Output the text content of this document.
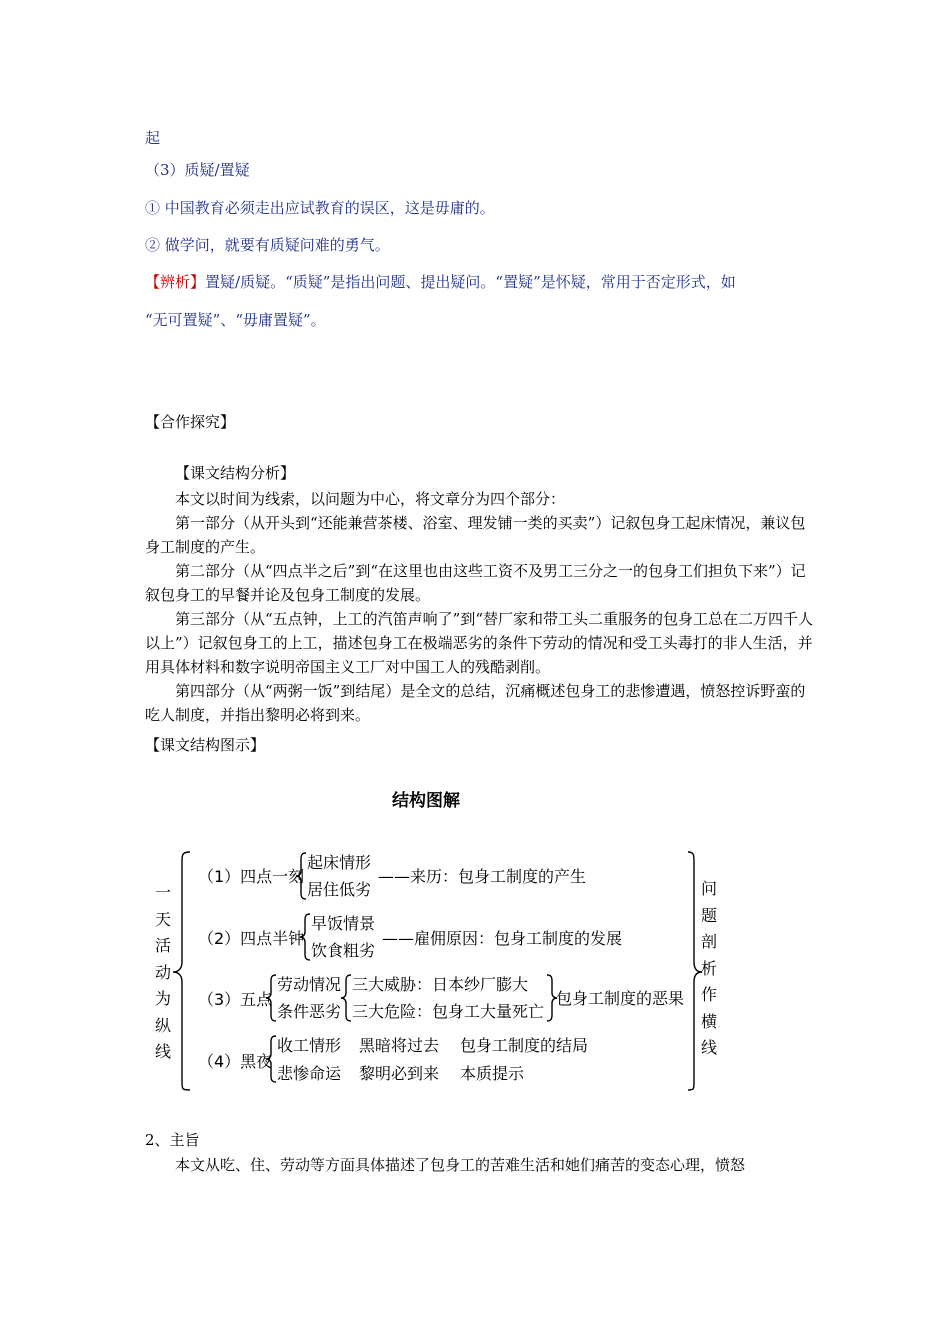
起
（3）质疑/置疑
① 中国教育必须走出应试教育的误区，这是毋庸的。
② 做学问，就要有质疑问难的勇气。
【辨析】置疑/质疑。“质疑”是指出问题、提出疑问。“置疑”是怀疑，常用于否定形式，如
“无可置疑”、“毋庸置疑”。
【合作探究】
【课文结构分析】
本文以时间为线索，以问题为中心，将文章分为四个部分：
第一部分（从开头到“还能兼营茶楼、浴室、理发铺一类的买卖”）记叙包身工起床情况，兼议包身工制度的产生。
第二部分（从“四点半之后”到“在这里也由这些工资不及男工三分之一的包身工们担负下来”）记叙包身工的早餐并论及包身工制度的发展。
第三部分（从“五点钟，上工的汽笛声响了”到“替厂家和带工头二重服务的包身工总在二万四千人以上”）记叙包身工的上工，描述包身工在极端恶劣的条件下劳动的情况和受工头毒打的非人生活，并用具体材料和数字说明帝国主义工厂对中国工人的残酷剥削。
第四部分（从“两粥一饭”到结尾）是全文的总结，沉痛概述包身工的悲惨遭遇，愤怒控诉野蛮的吃人制度，并指出黎明必将到来。
【课文结构图示】
结构图解
一天活动为纵线
问题剖析作横线
（1）四点一刻
起床情形
居住低劣
——来历：包身工制度的产生
（2）四点半钟
早饭情景
饮食粗劣
——雇佣原因：包身工制度的发展
（3）五点
劳动情况
条件恶劣
三大威胁：日本纱厂膨大
三大危险：包身工大量死亡
包身工制度的恶果
（4）黑夜
收工情形
悲惨命运
黑暗将过去
黎明必到来
包身工制度的结局
本质提示
2、主旨
本文从吃、住、劳动等方面具体描述了包身工的苦难生活和她们痛苦的变态心理，愤怒
